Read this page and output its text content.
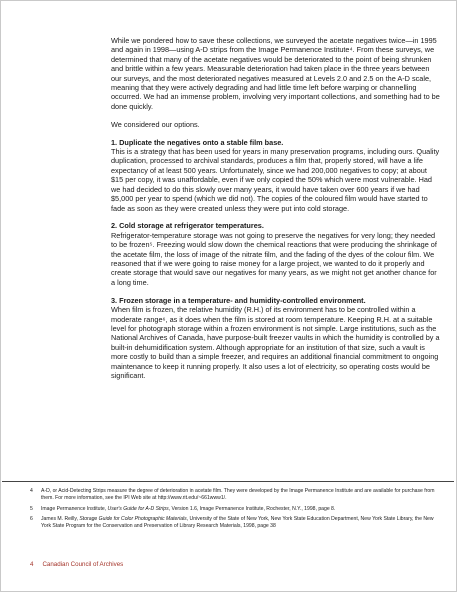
While we pondered how to save these collections, we surveyed the acetate negatives twice—in 1995 and again in 1998—using A-D strips from the Image Permanence Institute⁴. From these surveys, we determined that many of the acetate negatives would be deteriorated to the point of being shrunken and brittle within a few years. Measurable deterioration had taken place in the three years between our surveys, and the most deteriorated negatives measured at Levels 2.0 and 2.5 on the A-D scale, meaning that they were actively degrading and had little time left before warping or channelling occurred. We had an immense problem, involving very important collections, and something had to be done quickly.

We considered our options.

1. Duplicate the negatives onto a stable film base.
This is a strategy that has been used for years in many preservation programs, including ours. Quality duplication, processed to archival standards, produces a film that, properly stored, will have a life expectancy of at least 500 years. Unfortunately, since we had 200,000 negatives to copy; at about $15 per copy, it was unaffordable, even if we only copied the 50% which were most vulnerable. Had we had decided to do this slowly over many years, it would have taken over 600 years if we had $5,000 per year to spend (which we did not). The copies of the coloured film would have started to fade as soon as they were created unless they were put into cold storage.
2. Cold storage at refrigerator temperatures.
Refrigerator-temperature storage was not going to preserve the negatives for very long; they needed to be frozen⁵. Freezing would slow down the chemical reactions that were producing the shrinkage of the acetate film, the loss of image of the nitrate film, and the fading of the dyes of the colour film. We reasoned that if we were going to raise money for a large project, we wanted to do it properly and create storage that would save our negatives for many years, as we might not get another chance for a long time.
3. Frozen storage in a temperature- and humidity-controlled environment.
When film is frozen, the relative humidity (R.H.) of its environment has to be controlled within a moderate range⁶, as it does when the film is stored at room temperature. Keeping R.H. at a suitable level for photograph storage within a frozen environment is not simple. Large institutions, such as the National Archives of Canada, have purpose-built freezer vaults in which the humidity is controlled by a built-in dehumidification system. Although appropriate for an institution of that size, such a vault is more costly to build than a simple freezer, and requires an additional financial commitment to ongoing maintenance to keep it running properly. It also uses a lot of electricity, so operating costs would be significant.
4	A-D, or Acid-Detecting Strips measure the degree of deterioration in acetate film. They were developed by the Image Permanence Institute and are available for purchase from them. For more information, see the IPI Web site at http://www.rit.edu/~661www1/.
5	Image Permanence Institute, User's Guide for A-D Strips, Version 1.6, Image Permanence Institute, Rochester, N.Y., 1998, page 8.
6	James M. Reilly, Storage Guide for Color Photographic Materials, University of the State of New York, New York State Education Department, New York State Library, the New York State Program for the Conservation and Preservation of Library Research Materials, 1998, page 38
4 Canadian Council of Archives
